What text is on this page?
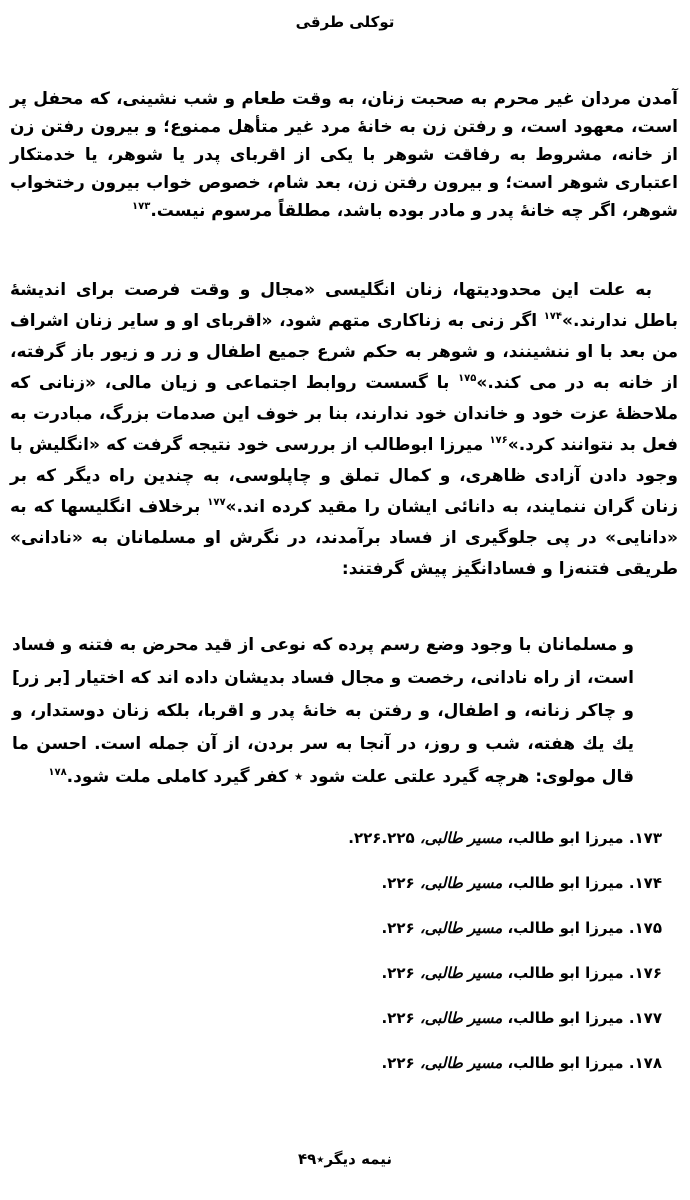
توکلی طرقی

آمدن مردان غیر محرم به صحبت زنان، به وقت طعام و شب نشینی، که محفل پر است، معهود است، و رفتن زن به خانهٔ مرد غیر متأهل ممنوع؛ و بیرون رفتن زن از خانه، مشروط به رفاقت شوهر با یکی از اقربای پدر یا شوهر، یا خدمتکار اعتباری شوهر است؛ و بیرون رفتن زن، بعد شام، خصوص خواب بیرون رختخواب شوهر، اگر چه خانهٔ پدر و مادر بوده باشد، مطلقاً مرسوم نیست.$^{۱۷۳}$

به علت این محدودیتها، زنان انگلیسی «مجال و وقت فرصت برای اندیشهٔ باطل ندارند.»$^{۱۷۴}$ اگر زنی به زناکاری متهم شود، «اقربای او و سایر زنان اشراف من بعد با او ننشینند، و شوهر به حکم شرع جمیع اطفال و زر و زیور باز گرفته، از خانه به در می کند.»$^{۱۷۵}$ با گسست روابط اجتماعی و زیان مالی، «زنانی که ملاحظهٔ عزت خود و خاندان خود ندارند، بنا بر خوف این صدمات بزرگ، مبادرت به فعل بد نتوانند کرد.»$^{۱۷۶}$ میرزا ابوطالب از بررسی خود نتیجه گرفت که «انگلیش با وجود دادن آزادی ظاهری، و کمال تملق و چاپلوسی، به چندین راه دیگر که بر زنان گران ننمایند، به دانائی ایشان را مقید کرده اند.»$^{۱۷۷}$ برخلاف انگلیسها که به «دانایی» در پی جلوگیری از فساد برآمدند، در نگرش او مسلمانان به «نادانی» طریقی فتنه‌زا و فسادانگیز پیش گرفتند:

و مسلمانان با وجود وضع رسم پرده که نوعی از قید محرض به فتنه و فساد است، از راه نادانی، رخصت و مجال فساد بدیشان داده اند که اختیار [بر زر] و چاکر زنانه، و اطفال، و رفتن به خانهٔ پدر و اقربا، بلکه زنان دوستدار، و یك یك هفته، شب و روز، در آنجا به سر بردن، از آن جمله است. احسن ما قال مولوی: هرچه گیرد علتی علت شود ٭ کفر گیرد کاملی ملت شود.$^{۱۷۸}$

۱۷۳. میرزا ابو طالب، مسیر طالبی، ۲۲۶.۲۲۵.

۱۷۴. میرزا ابو طالب، مسیر طالبی، ۲۲۶.

۱۷۵. میرزا ابو طالب، مسیر طالبی، ۲۲۶.

۱۷۶. میرزا ابو طالب، مسیر طالبی، ۲۲۶.

۱۷۷. میرزا ابو طالب، مسیر طالبی، ۲۲۶.

۱۷۸. میرزا ابو طالب، مسیر طالبی، ۲۲۶.

نیمه دیگر٭۴۹
